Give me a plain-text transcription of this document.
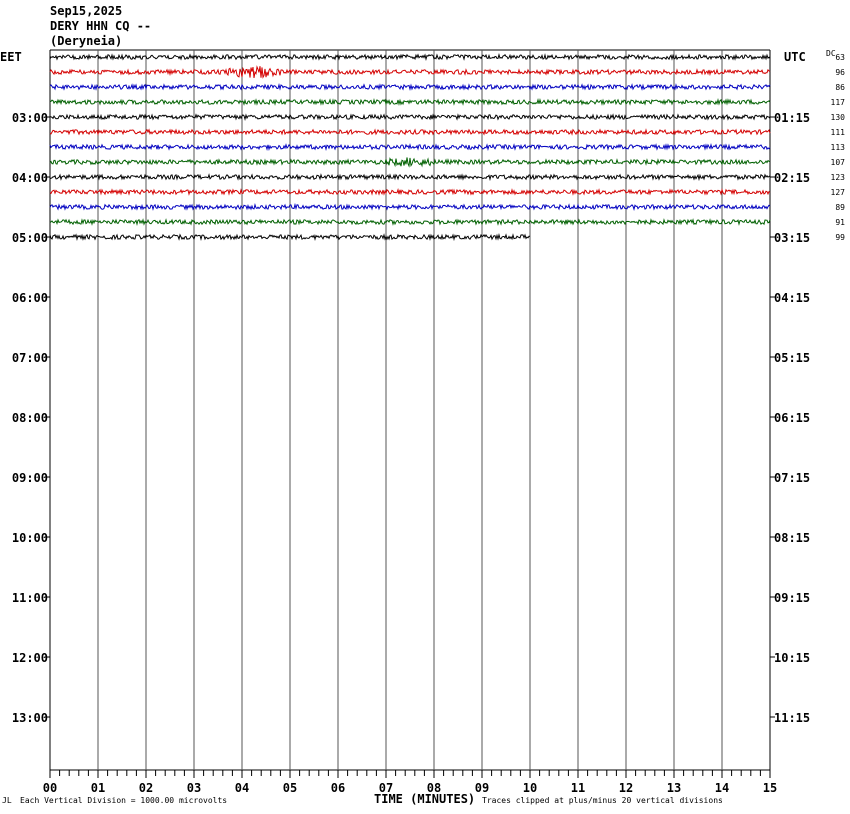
Sep15,2025
DERY HHN CQ --
(Deryneia)
EET	UTC
00	01	02	03	04	05	06	07	08	09	10	11	12	13	14	15
03:00
04:00
05:00
06:00
07:00
08:00
09:00
10:00
11:00
12:00
13:00
01:15
02:15
03:15
04:15
05:15
06:15
07:15
08:15
09:15
10:15
11:15
DC 63
96
86
117
130
111
113
107
123
127
89
91
99
JL Each Vertical Division = 1000.00 microvolts	TIME (MINUTES) Traces clipped at plus/minus 20 vertical divisions
